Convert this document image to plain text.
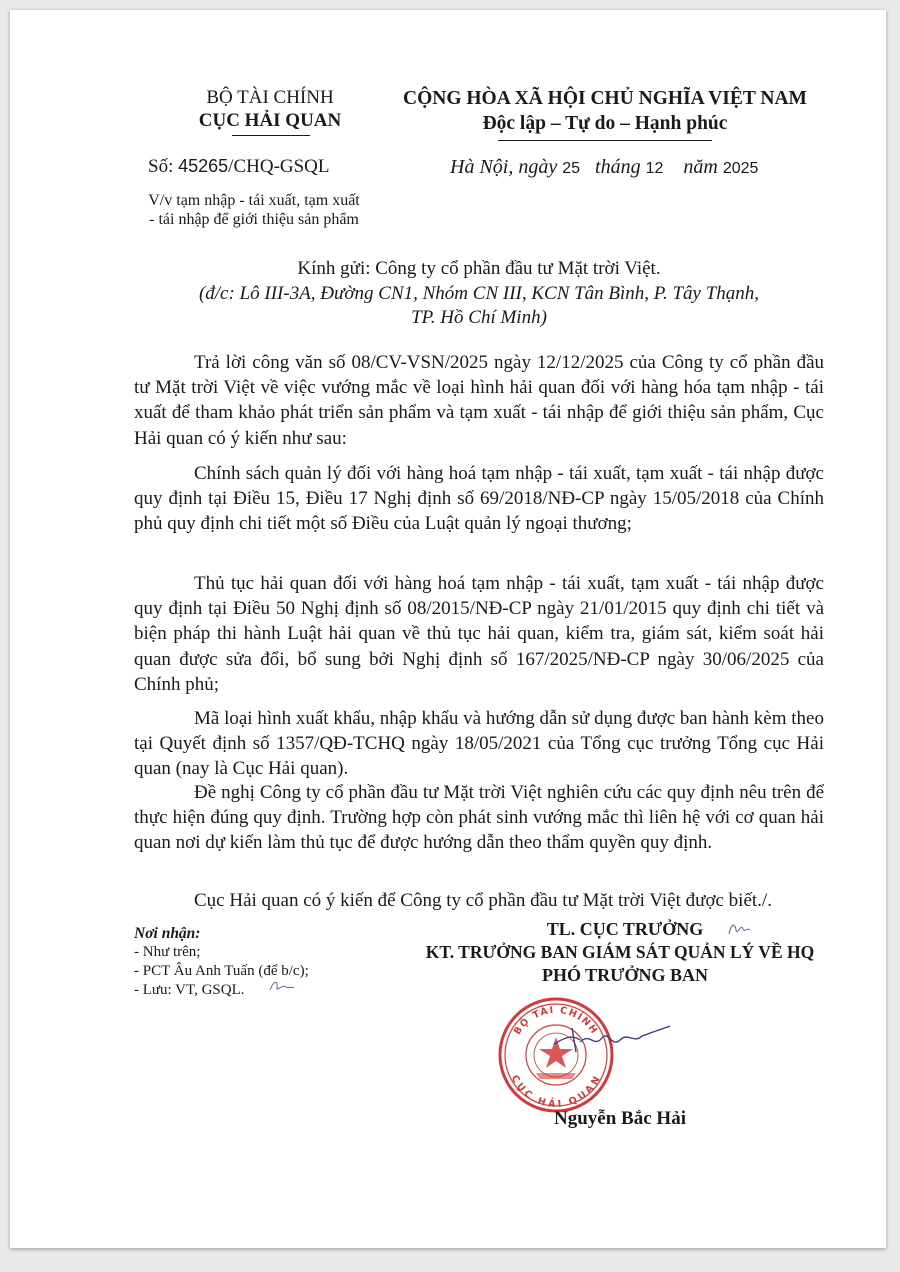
BỘ TÀI CHÍNH
CỤC HẢI QUAN
CỘNG HÒA XÃ HỘI CHỦ NGHĨA VIỆT NAM
Độc lập – Tự do – Hạnh phúc
Số: 45265/CHQ-GSQL
V/v tạm nhập - tái xuất, tạm xuất
- tái nhập để giới thiệu sản phẩm
Hà Nội, ngày 25 tháng 12 năm 2025
Kính gửi: Công ty cổ phần đầu tư Mặt trời Việt.
(đ/c: Lô III-3A, Đường CN1, Nhóm CN III, KCN Tân Bình, P. Tây Thạnh,
TP. Hồ Chí Minh)
Trả lời công văn số 08/CV-VSN/2025 ngày 12/12/2025 của Công ty cổ phần đầu tư Mặt trời Việt về việc vướng mắc về loại hình hải quan đối với hàng hóa tạm nhập - tái xuất để tham khảo phát triển sản phẩm và tạm xuất - tái nhập để giới thiệu sản phẩm, Cục Hải quan có ý kiến như sau:
Chính sách quản lý đối với hàng hoá tạm nhập - tái xuất, tạm xuất - tái nhập được quy định tại Điều 15, Điều 17 Nghị định số 69/2018/NĐ-CP ngày 15/05/2018 của Chính phủ quy định chi tiết một số Điều của Luật quản lý ngoại thương;
Thủ tục hải quan đối với hàng hoá tạm nhập - tái xuất, tạm xuất - tái nhập được quy định tại Điều 50 Nghị định số 08/2015/NĐ-CP ngày 21/01/2015 quy định chi tiết và biện pháp thi hành Luật hải quan về thủ tục hải quan, kiểm tra, giám sát, kiểm soát hải quan được sửa đổi, bổ sung bởi Nghị định số 167/2025/NĐ-CP ngày 30/06/2025 của Chính phủ;
Mã loại hình xuất khẩu, nhập khẩu và hướng dẫn sử dụng được ban hành kèm theo tại Quyết định số 1357/QĐ-TCHQ ngày 18/05/2021 của Tổng cục trưởng Tổng cục Hải quan (nay là Cục Hải quan).
Đề nghị Công ty cổ phần đầu tư Mặt trời Việt nghiên cứu các quy định nêu trên để thực hiện đúng quy định. Trường hợp còn phát sinh vướng mắc thì liên hệ với cơ quan hải quan nơi dự kiến làm thủ tục để được hướng dẫn theo thẩm quyền quy định.
Cục Hải quan có ý kiến để Công ty cổ phần đầu tư Mặt trời Việt được biết./.
Nơi nhận:
- Như trên;
- PCT Âu Anh Tuấn (để b/c);
- Lưu: VT, GSQL.
TL. CỤC TRƯỞNG
KT. TRƯỞNG BAN GIÁM SÁT QUẢN LÝ VỀ HQ
PHÓ TRƯỞNG BAN
BỘ TÀI CHÍNH
CỤC HẢI QUAN
Nguyễn Bắc Hải
